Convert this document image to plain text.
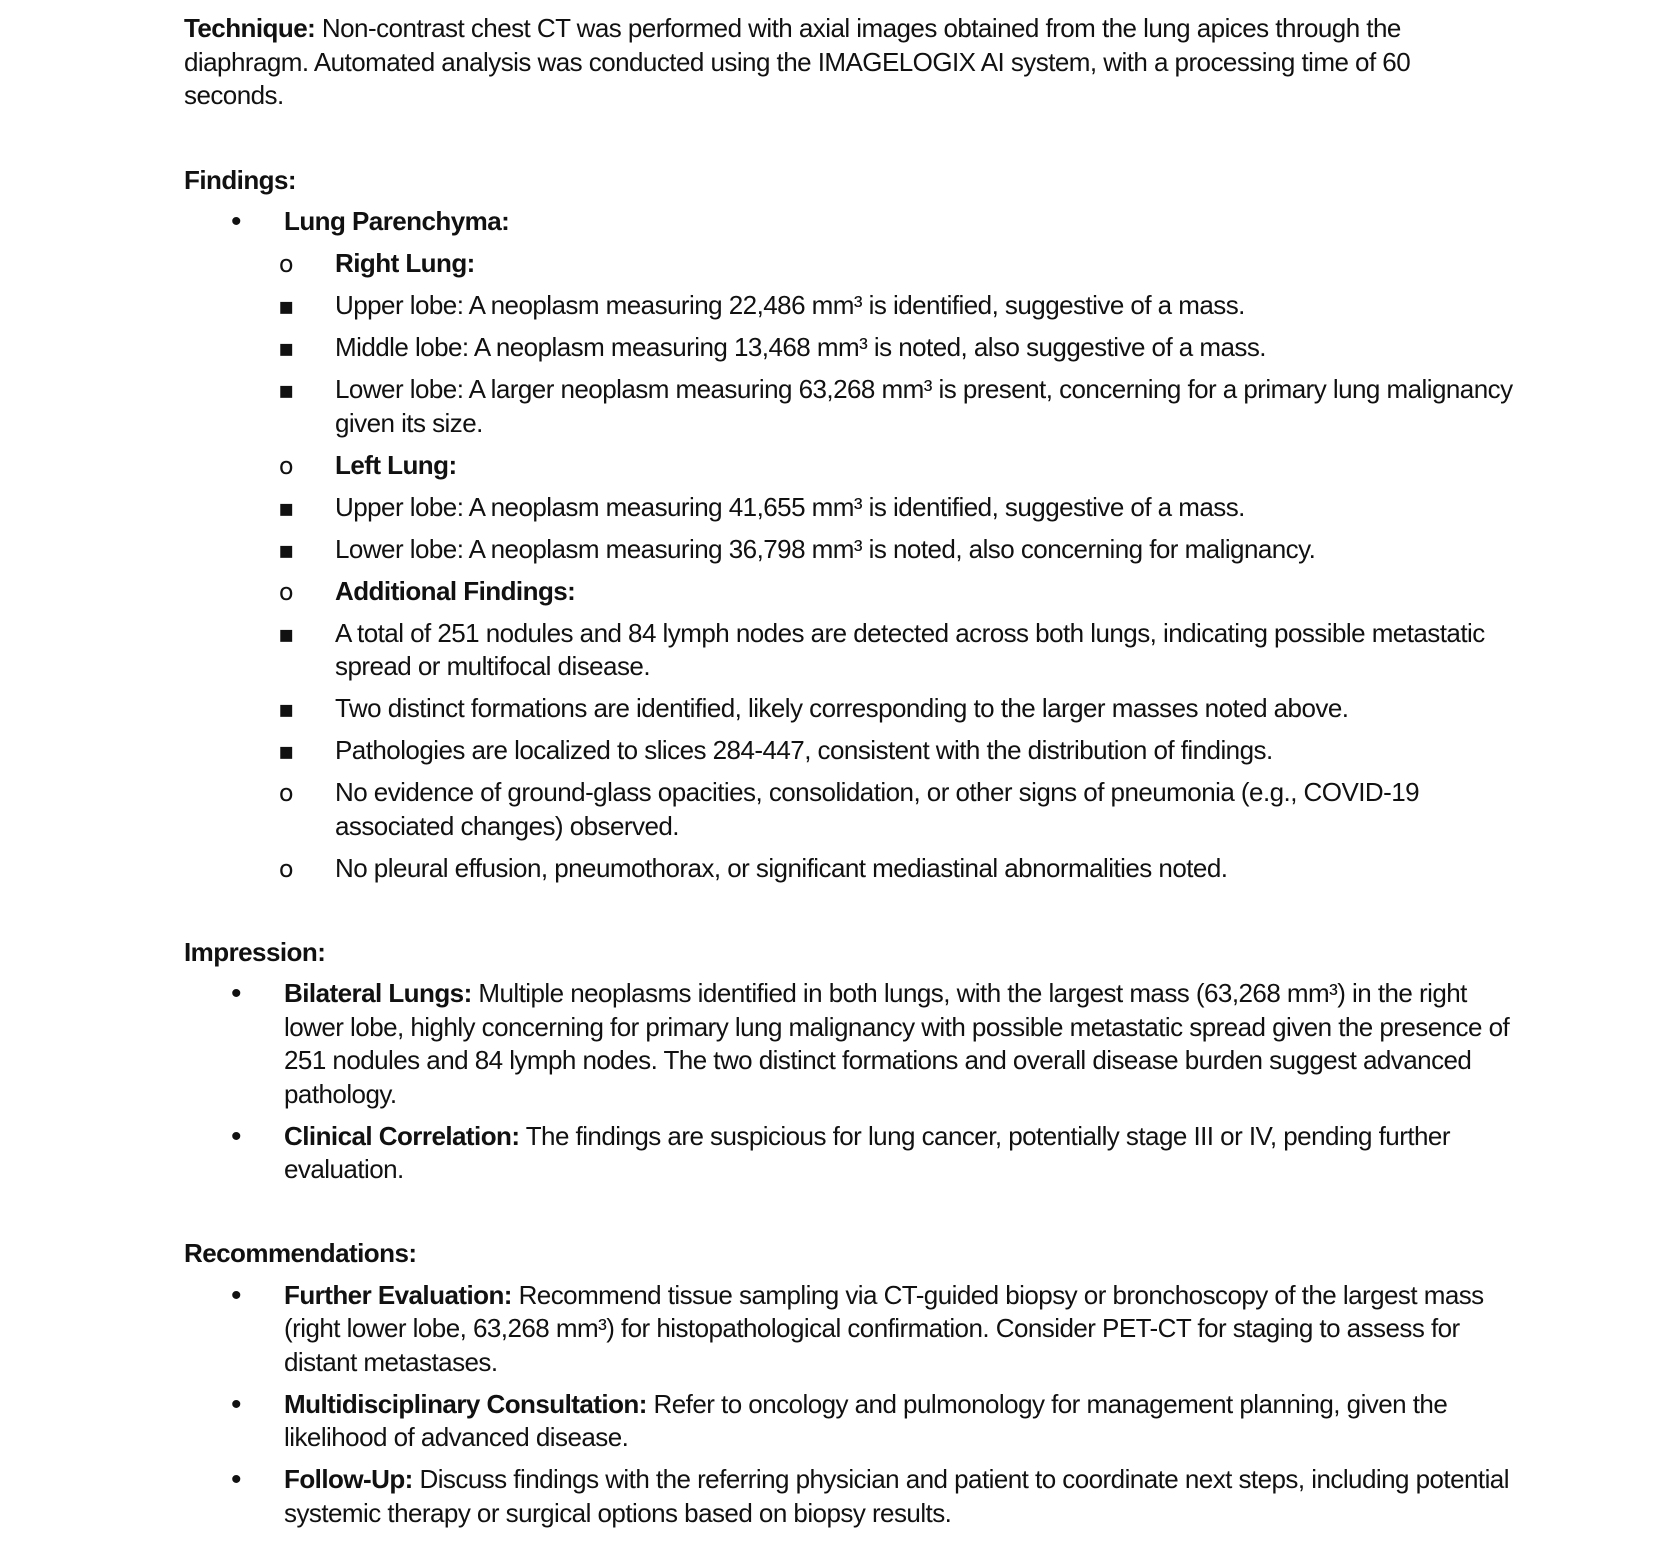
Technique: Non-contrast chest CT was performed with axial images obtained from the lung apices through the diaphragm. Automated analysis was conducted using the IMAGELOGIX AI system, with a processing time of 60 seconds.

Findings:

•
Lung Parenchyma:
o
Right Lung:
▪
Upper lobe: A neoplasm measuring 22,486 mm³ is identified, suggestive of a mass.
▪
Middle lobe: A neoplasm measuring 13,468 mm³ is noted, also suggestive of a mass.
▪
Lower lobe: A larger neoplasm measuring 63,268 mm³ is present, concerning for a primary lung malignancy given its size.
o
Left Lung:
▪
Upper lobe: A neoplasm measuring 41,655 mm³ is identified, suggestive of a mass.
▪
Lower lobe: A neoplasm measuring 36,798 mm³ is noted, also concerning for malignancy.
o
Additional Findings:
▪
A total of 251 nodules and 84 lymph nodes are detected across both lungs, indicating possible metastatic spread or multifocal disease.
▪
Two distinct formations are identified, likely corresponding to the larger masses noted above.
▪
Pathologies are localized to slices 284-447, consistent with the distribution of findings.
o
No evidence of ground-glass opacities, consolidation, or other signs of pneumonia (e.g., COVID-19 associated changes) observed.
o
No pleural effusion, pneumothorax, or significant mediastinal abnormalities noted.

Impression:

•
Bilateral Lungs: Multiple neoplasms identified in both lungs, with the largest mass (63,268 mm³) in the right lower lobe, highly concerning for primary lung malignancy with possible metastatic spread given the presence of 251 nodules and 84 lymph nodes. The two distinct formations and overall disease burden suggest advanced pathology.
•
Clinical Correlation: The findings are suspicious for lung cancer, potentially stage III or IV, pending further evaluation.

Recommendations:

•
Further Evaluation: Recommend tissue sampling via CT-guided biopsy or bronchoscopy of the largest mass (right lower lobe, 63,268 mm³) for histopathological confirmation. Consider PET-CT for staging to assess for distant metastases.
•
Multidisciplinary Consultation: Refer to oncology and pulmonology for management planning, given the likelihood of advanced disease.
•
Follow-Up: Discuss findings with the referring physician and patient to coordinate next steps, including potential systemic therapy or surgical options based on biopsy results.
